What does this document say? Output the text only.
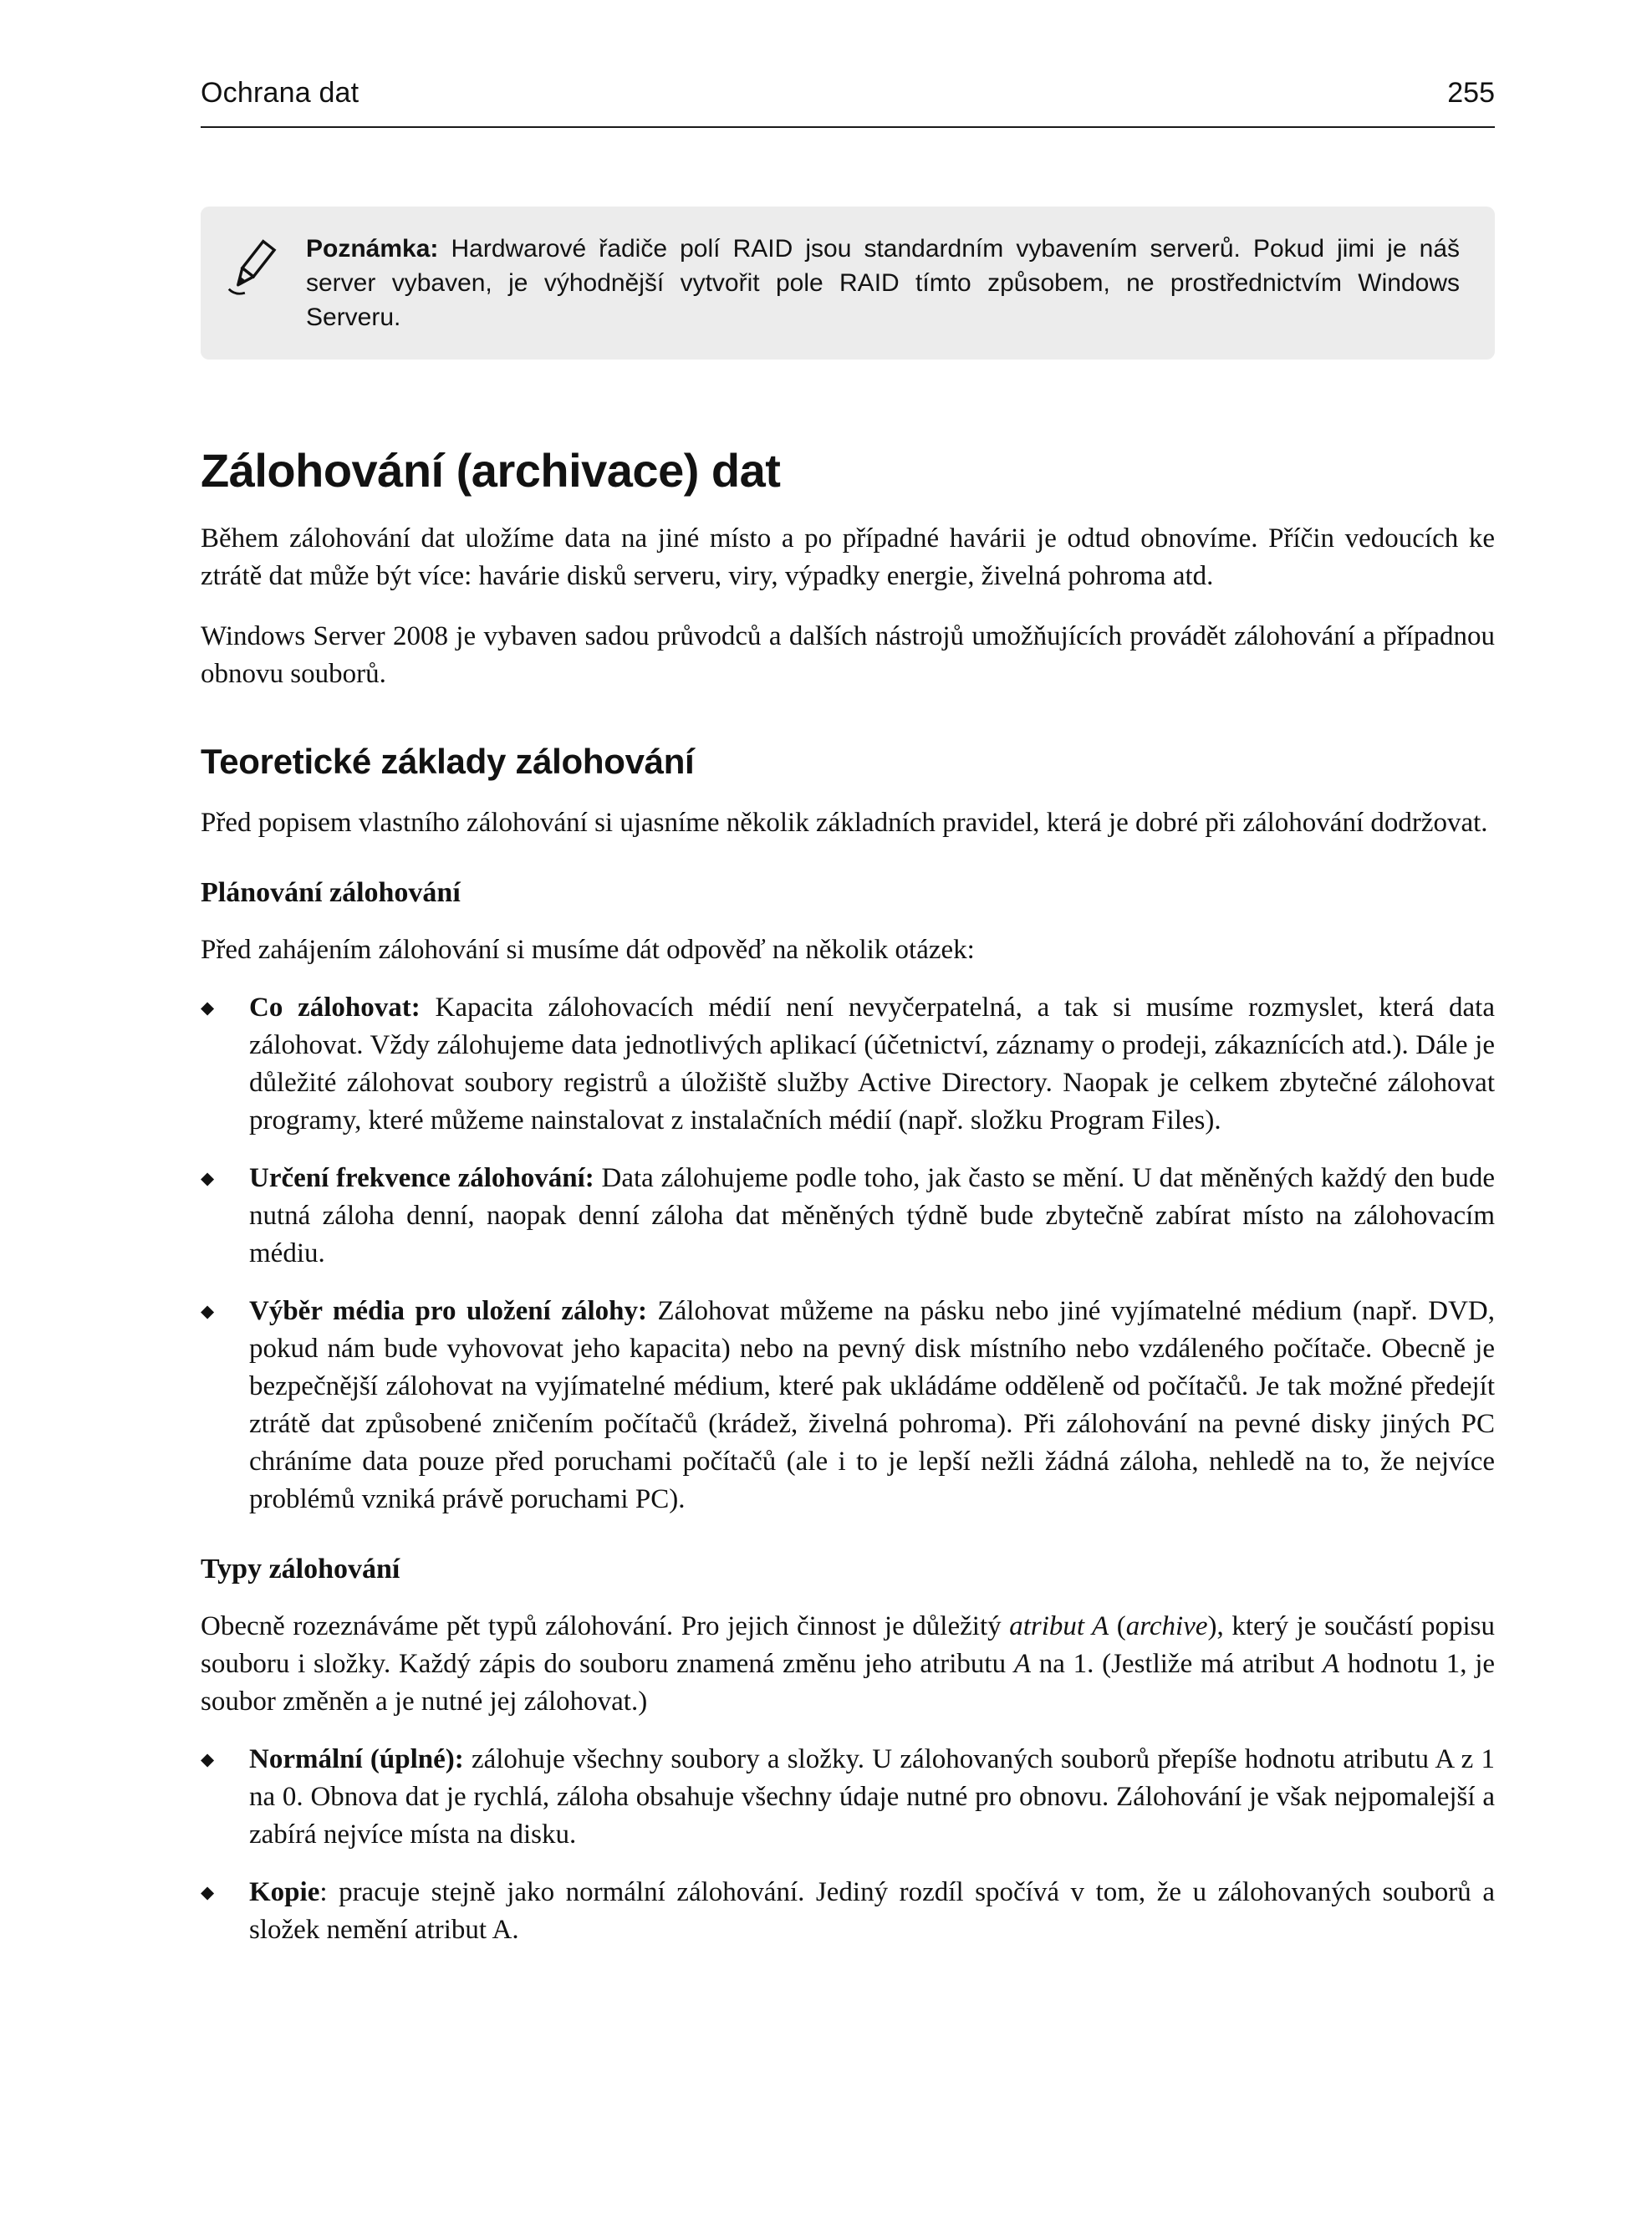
Ochrana dat	255

Poznámka: Hardwarové řadiče polí RAID jsou standardním vybavením serverů. Pokud jimi je náš server vybaven, je výhodnější vytvořit pole RAID tímto způsobem, ne prostřednictvím Windows Serveru.

Zálohování (archivace) dat

Během zálohování dat uložíme data na jiné místo a po případné havárii je odtud obnovíme. Příčin vedoucích ke ztrátě dat může být více: havárie disků serveru, viry, výpadky energie, živelná pohroma atd.

Windows Server 2008 je vybaven sadou průvodců a dalších nástrojů umožňujících provádět zálohování a případnou obnovu souborů.

Teoretické základy zálohování

Před popisem vlastního zálohování si ujasníme několik základních pravidel, která je dobré při zálohování dodržovat.

Plánování zálohování

Před zahájením zálohování si musíme dát odpověď na několik otázek:

◆	Co zálohovat: Kapacita zálohovacích médií není nevyčerpatelná, a tak si musíme rozmyslet, která data zálohovat. Vždy zálohujeme data jednotlivých aplikací (účetnictví, záznamy o prodeji, zákaznících atd.). Dále je důležité zálohovat soubory registrů a úložiště služby Active Directory. Naopak je celkem zbytečné zálohovat programy, které můžeme nainstalovat z instalačních médií (např. složku Program Files).

◆	Určení frekvence zálohování: Data zálohujeme podle toho, jak často se mění. U dat měněných každý den bude nutná záloha denní, naopak denní záloha dat měněných týdně bude zbytečně zabírat místo na zálohovacím médiu.

◆	Výběr média pro uložení zálohy: Zálohovat můžeme na pásku nebo jiné vyjímatelné médium (např. DVD, pokud nám bude vyhovovat jeho kapacita) nebo na pevný disk místního nebo vzdáleného počítače. Obecně je bezpečnější zálohovat na vyjímatelné médium, které pak ukládáme odděleně od počítačů. Je tak možné předejít ztrátě dat způsobené zničením počítačů (krádež, živelná pohroma). Při zálohování na pevné disky jiných PC chráníme data pouze před poruchami počítačů (ale i to je lepší nežli žádná záloha, nehledě na to, že nejvíce problémů vzniká právě poruchami PC).

Typy zálohování

Obecně rozeznáváme pět typů zálohování. Pro jejich činnost je důležitý atribut A (archive), který je součástí popisu souboru i složky. Každý zápis do souboru znamená změnu jeho atributu A na 1. (Jestliže má atribut A hodnotu 1, je soubor změněn a je nutné jej zálohovat.)

◆	Normální (úplné): zálohuje všechny soubory a složky. U zálohovaných souborů přepíše hodnotu atributu A z 1 na 0. Obnova dat je rychlá, záloha obsahuje všechny údaje nutné pro obnovu. Zálohování je však nejpomalejší a zabírá nejvíce místa na disku.

◆	Kopie: pracuje stejně jako normální zálohování. Jediný rozdíl spočívá v tom, že u zálohovaných souborů a složek nemění atribut A.
